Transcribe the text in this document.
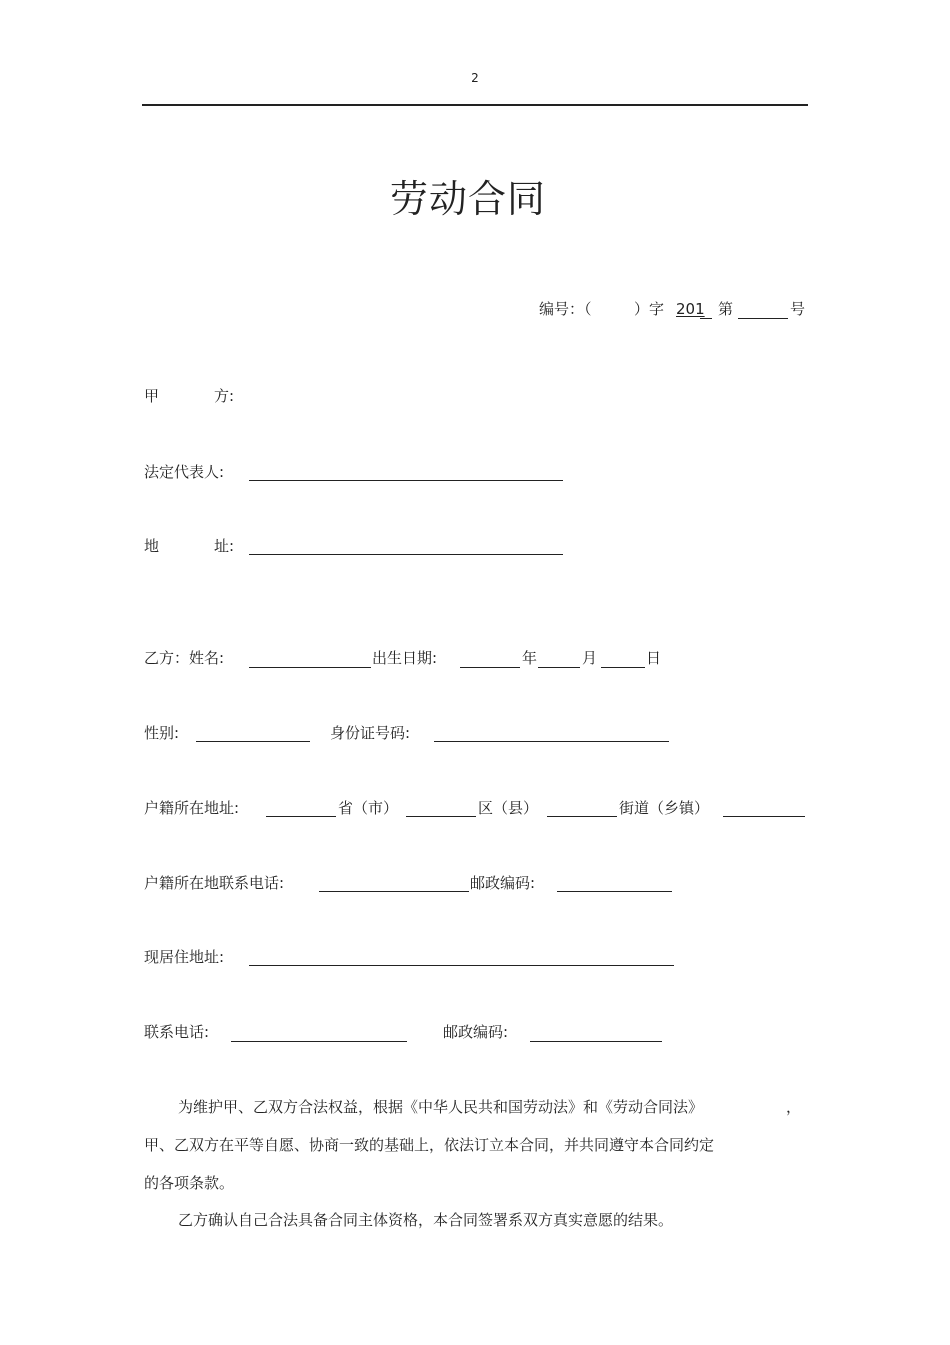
2
劳动合同
编号：（	）字 201 第	号
甲	方:
法定代表人:
地	址:
乙方：姓名:	出生日期:	年	月	日
性别:	身份证号码:
户籍所在地址:	省（市）	区（县）	街道（乡镇）
户籍所在地联系电话:	邮政编码:
现居住地址:
联系电话:	邮政编码:
为维护甲、乙双方合法权益，根据《中华人民共和国劳动法》和《劳动合同法》	，
甲、乙双方在平等自愿、协商一致的基础上，依法订立本合同，并共同遵守本合同约定
的各项条款。
乙方确认自己合法具备合同主体资格，本合同签署系双方真实意愿的结果。
